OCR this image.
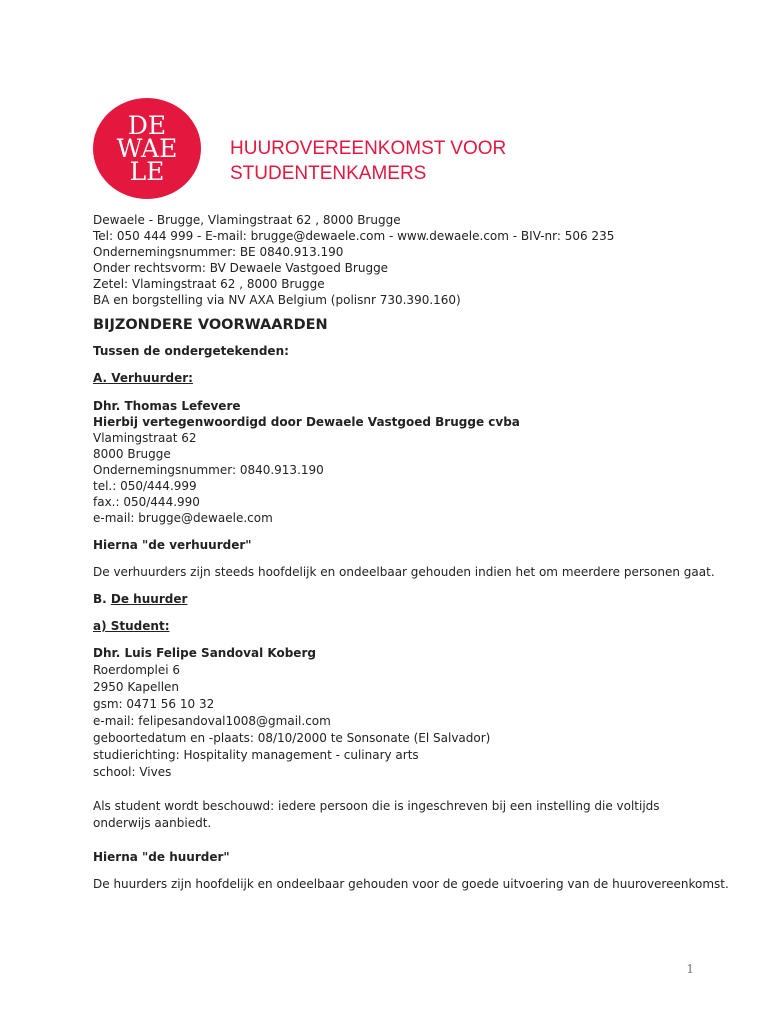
DE
WAE
LE
HUUROVEREENKOMST VOOR
STUDENTENKAMERS
Dewaele - Brugge, Vlamingstraat 62 , 8000 Brugge
Tel: 050 444 999 - E-mail: brugge@dewaele.com - www.dewaele.com - BIV-nr: 506 235
Ondernemingsnummer: BE 0840.913.190
Onder rechtsvorm: BV Dewaele Vastgoed Brugge
Zetel: Vlamingstraat 62 , 8000 Brugge
BA en borgstelling via NV AXA Belgium (polisnr 730.390.160)
BIJZONDERE VOORWAARDEN
Tussen de ondergetekenden:
A. Verhuurder:
Dhr. Thomas Lefevere
Hierbij vertegenwoordigd door Dewaele Vastgoed Brugge cvba
Vlamingstraat 62
8000 Brugge
Ondernemingsnummer: 0840.913.190
tel.: 050/444.999
fax.: 050/444.990
e-mail: brugge@dewaele.com
Hierna "de verhuurder"
De verhuurders zijn steeds hoofdelijk en ondeelbaar gehouden indien het om meerdere personen gaat.
B. De huurder
a) Student:
Dhr. Luis Felipe Sandoval Koberg
Roerdomplei 6
2950 Kapellen
gsm: 0471 56 10 32
e-mail: felipesandoval1008@gmail.com
geboortedatum en -plaats: 08/10/2000 te Sonsonate (El Salvador)
studierichting: Hospitality management - culinary arts
school: Vives
Als student wordt beschouwd: iedere persoon die is ingeschreven bij een instelling die voltijds onderwijs aanbiedt.
Hierna "de huurder"
De huurders zijn hoofdelijk en ondeelbaar gehouden voor de goede uitvoering van de huurovereenkomst.
1
